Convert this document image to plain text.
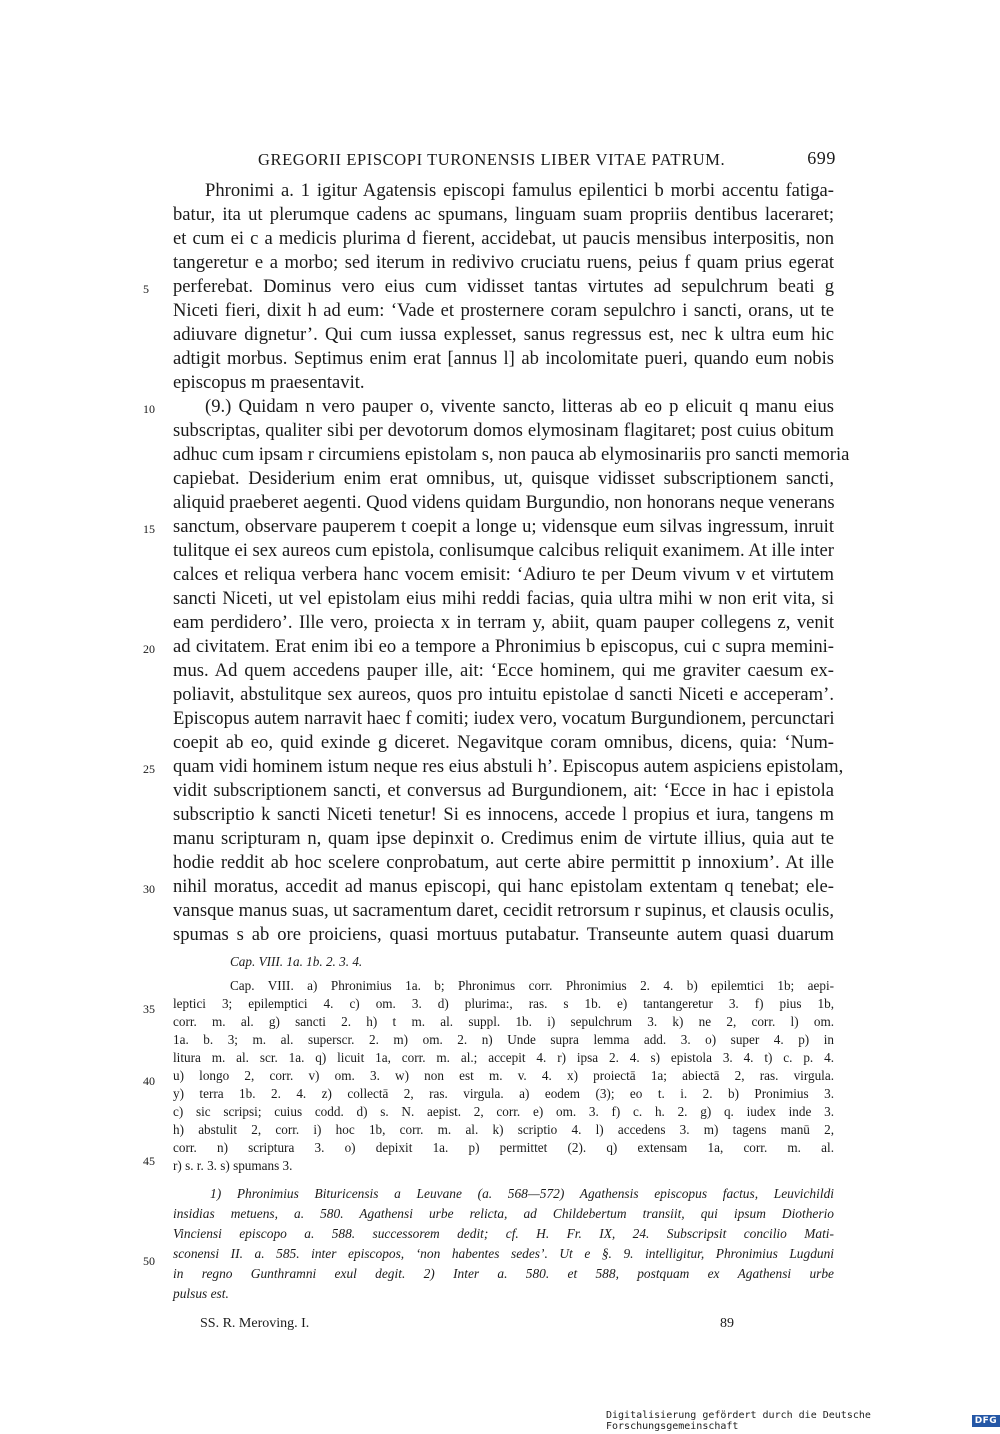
GREGORII EPISCOPI TURONENSIS LIBER VITAE PATRUM.	699
Phronimi a. 1 igitur Agatensis episcopi famulus epilentici b morbi accentu fatiga-
batur, ita ut plerumque cadens ac spumans, linguam suam propriis dentibus laceraret;
et cum ei c a medicis plurima d fierent, accidebat, ut paucis mensibus interpositis, non
tangeretur e a morbo; sed iterum in redivivo cruciatu ruens, peius f quam prius egerat
perferebat. Dominus vero eius cum vidisset tantas virtutes ad sepulchrum beati g
Niceti fieri, dixit h ad eum: ‘Vade et prosternere coram sepulchro i sancti, orans, ut te
adiuvare dignetur’. Qui cum iussa explesset, sanus regressus est, nec k ultra eum hic
adtigit morbus. Septimus enim erat [annus l] ab incolomitate pueri, quando eum nobis
episcopus m praesentavit.
(9.) Quidam n vero pauper o, vivente sancto, litteras ab eo p elicuit q manu eius
subscriptas, qualiter sibi per devotorum domos elymosinam flagitaret; post cuius obitum
adhuc cum ipsam r circumiens epistolam s, non pauca ab elymosinariis pro sancti memoria
capiebat. Desiderium enim erat omnibus, ut, quisque vidisset subscriptionem sancti,
aliquid praeberet aegenti. Quod videns quidam Burgundio, non honorans neque venerans
sanctum, observare pauperem t coepit a longe u; vidensque eum silvas ingressum, inruit
tulitque ei sex aureos cum epistola, conlisumque calcibus reliquit exanimem. At ille inter
calces et reliqua verbera hanc vocem emisit: ‘Adiuro te per Deum vivum v et virtutem
sancti Niceti, ut vel epistolam eius mihi reddi facias, quia ultra mihi w non erit vita, si
eam perdidero’. Ille vero, proiecta x in terram y, abiit, quam pauper collegens z, venit
ad civitatem. Erat enim ibi eo a tempore a Phronimius b episcopus, cui c supra memini-
mus. Ad quem accedens pauper ille, ait: ‘Ecce hominem, qui me graviter caesum ex-
poliavit, abstulitque sex aureos, quos pro intuitu epistolae d sancti Niceti e acceperam’.
Episcopus autem narravit haec f comiti; iudex vero, vocatum Burgundionem, percunctari
coepit ab eo, quid exinde g diceret. Negavitque coram omnibus, dicens, quia: ‘Num-
quam vidi hominem istum neque res eius abstuli h’. Episcopus autem aspiciens epistolam,
vidit subscriptionem sancti, et conversus ad Burgundionem, ait: ‘Ecce in hac i epistola
subscriptio k sancti Niceti tenetur! Si es innocens, accede l propius et iura, tangens m
manu scripturam n, quam ipse depinxit o. Credimus enim de virtute illius, quia aut te
hodie reddit ab hoc scelere conprobatum, aut certe abire permittit p innoxium’. At ille
nihil moratus, accedit ad manus episcopi, qui hanc epistolam extentam q tenebat; ele-
vansque manus suas, ut sacramentum daret, cecidit retrorsum r supinus, et clausis oculis,
spumas s ab ore proiciens, quasi mortuus putabatur. Transeunte autem quasi duarum
5
10
15
20
25
30
35
40
45
50
Cap. VIII. 1a. 1b. 2. 3. 4.
Cap. VIII. a) Phronimius 1a. b; Phronimus corr. Phronimius 2. 4. b) epilemtici 1b; aepi-
leptici 3; epilemptici 4. c) om. 3. d) plurima:, ras. s 1b. e) tantangeretur 3. f) pius 1b,
corr. m. al. g) sancti 2. h) t m. al. suppl. 1b. i) sepulchrum 3. k) ne 2, corr. l) om.
1a. b. 3; m. al. superscr. 2. m) om. 2. n) Unde supra lemma add. 3. o) super 4. p) in
litura m. al. scr. 1a. q) licuit 1a, corr. m. al.; accepit 4. r) ipsa 2. 4. s) epistola 3. 4. t) c. p. 4.
u) longo 2, corr. v) om. 3. w) non est m. v. 4. x) proiectā 1a; abiectā 2, ras. virgula.
y) terra 1b. 2. 4. z) collectā 2, ras. virgula. a) eodem (3); eo t. i. 2. b) Pronimius 3.
c) sic scripsi; cuius codd. d) s. N. aepist. 2, corr. e) om. 3. f) c. h. 2. g) q. iudex inde 3.
h) abstulit 2, corr. i) hoc 1b, corr. m. al. k) scriptio 4. l) accedens 3. m) tagens manū 2,
corr. n) scriptura 3. o) depixit 1a. p) permittet (2). q) extensam 1a, corr. m. al.
r) s. r. 3. s) spumans 3.
1) Phronimius Bituricensis a Leuvane (a. 568—572) Agathensis episcopus factus, Leuvichildi
insidias metuens, a. 580. Agathensi urbe relicta, ad Childebertum transiit, qui ipsum Diotherio
Vinciensi episcopo a. 588. successorem dedit; cf. H. Fr. IX, 24. Subscripsit concilio Mati-
sconensi II. a. 585. inter episcopos, ‘non habentes sedes’. Ut e §. 9. intelligitur, Phronimius Lugduni
in regno Gunthramni exul degit. 2) Inter a. 580. et 588, postquam ex Agathensi urbe
pulsus est.
SS. R. Meroving. I.	89
Digitalisierung gefördert durch die Deutsche Forschungsgemeinschaft	DFG
